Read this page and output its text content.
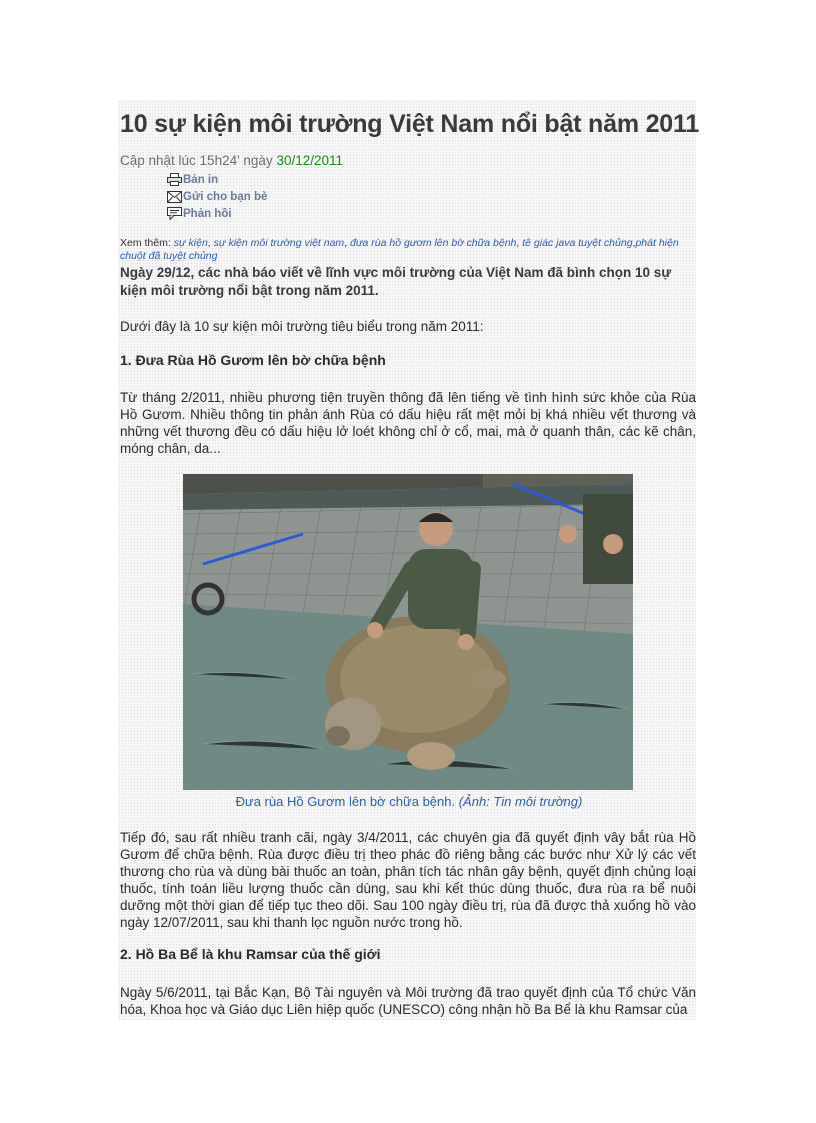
10 sự kiện môi trường Việt Nam nổi bật năm 2011
Cập nhật lúc 15h24' ngày 30/12/2011
Bản in
Gửi cho bạn bè
Phản hồi
Xem thêm: sự kiện, sự kiện môi trường việt nam, đưa rùa hồ gươm lên bờ chữa bệnh, tê giác java tuyệt chủng,phát hiện chuột đã tuyệt chủng
Ngày 29/12, các nhà báo viết về lĩnh vực môi trường của Việt Nam đã bình chọn 10 sự kiện môi trường nổi bật trong năm 2011.
Dưới đây là 10 sự kiện môi trường tiêu biểu trong năm 2011:
1. Đưa Rùa Hồ Gươm lên bờ chữa bệnh
Từ tháng 2/2011, nhiều phương tiện truyền thông đã lên tiếng về tình hình sức khỏe của Rùa Hồ Gươm. Nhiều thông tin phản ánh Rùa có dấu hiệu rất mệt mỏi bị khá nhiều vết thương và những vết thương đều có dấu hiệu lở loét không chỉ ở cổ, mai, mà ở quanh thân, các kẽ chân, móng chân, da...
Đưa rùa Hồ Gươm lên bờ chữa bệnh. (Ảnh: Tin môi trường)
Tiếp đó, sau rất nhiều tranh cãi, ngày 3/4/2011, các chuyên gia đã quyết định vây bắt rùa Hồ Gươm để chữa bệnh. Rùa được điều trị theo phác đồ riêng bằng các bước như Xử lý các vết thương cho rùa và dùng bài thuốc an toàn, phân tích tác nhân gây bệnh, quyết định chủng loại thuốc, tính toán liều lượng thuốc cần dùng, sau khi kết thúc dùng thuốc, đưa rùa ra bể nuôi dưỡng một thời gian để tiếp tục theo dõi. Sau 100 ngày điều trị, rùa đã được thả xuống hồ vào ngày 12/07/2011, sau khi thanh lọc nguồn nước trong hồ.
2. Hồ Ba Bể là khu Ramsar của thế giới
Ngày 5/6/2011, tại Bắc Kạn, Bộ Tài nguyên và Môi trường đã trao quyết định của Tổ chức Văn hóa, Khoa học và Giáo dục Liên hiệp quốc (UNESCO) công nhận hồ Ba Bể là khu Ramsar của
